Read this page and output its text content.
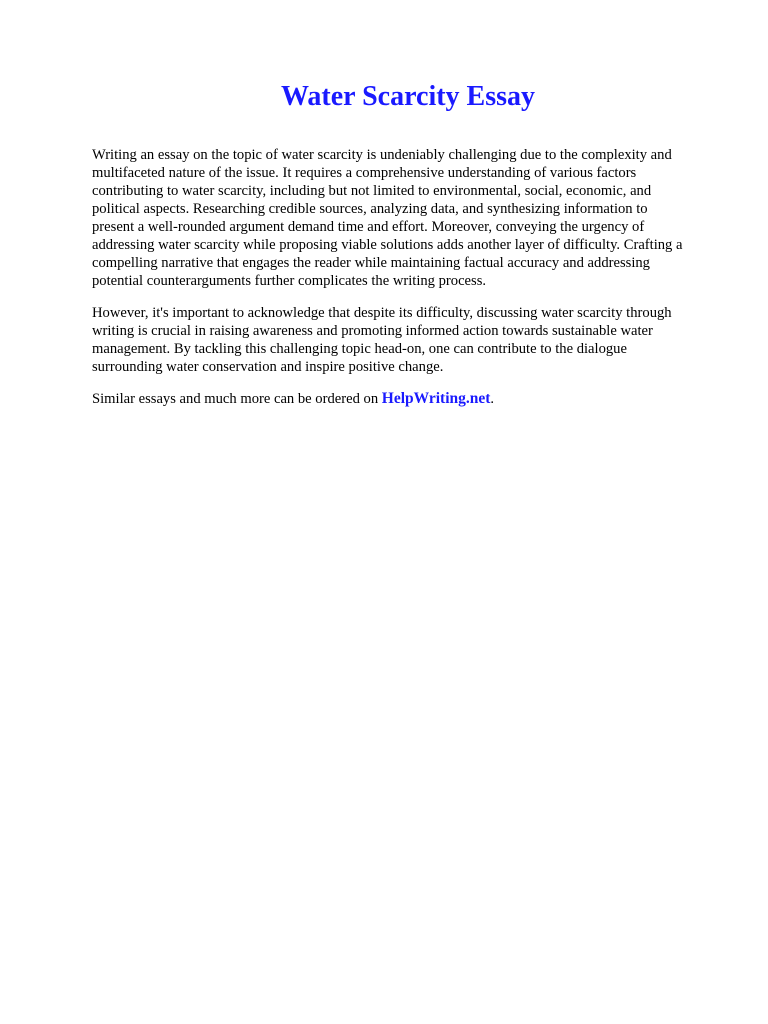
Water Scarcity Essay

Writing an essay on the topic of water scarcity is undeniably challenging due to the complexity and
multifaceted nature of the issue. It requires a comprehensive understanding of various factors
contributing to water scarcity, including but not limited to environmental, social, economic, and
political aspects. Researching credible sources, analyzing data, and synthesizing information to
present a well-rounded argument demand time and effort. Moreover, conveying the urgency of
addressing water scarcity while proposing viable solutions adds another layer of difficulty. Crafting a
compelling narrative that engages the reader while maintaining factual accuracy and addressing
potential counterarguments further complicates the writing process.

However, it's important to acknowledge that despite its difficulty, discussing water scarcity through
writing is crucial in raising awareness and promoting informed action towards sustainable water
management. By tackling this challenging topic head-on, one can contribute to the dialogue
surrounding water conservation and inspire positive change.

Similar essays and much more can be ordered on HelpWriting.net.
